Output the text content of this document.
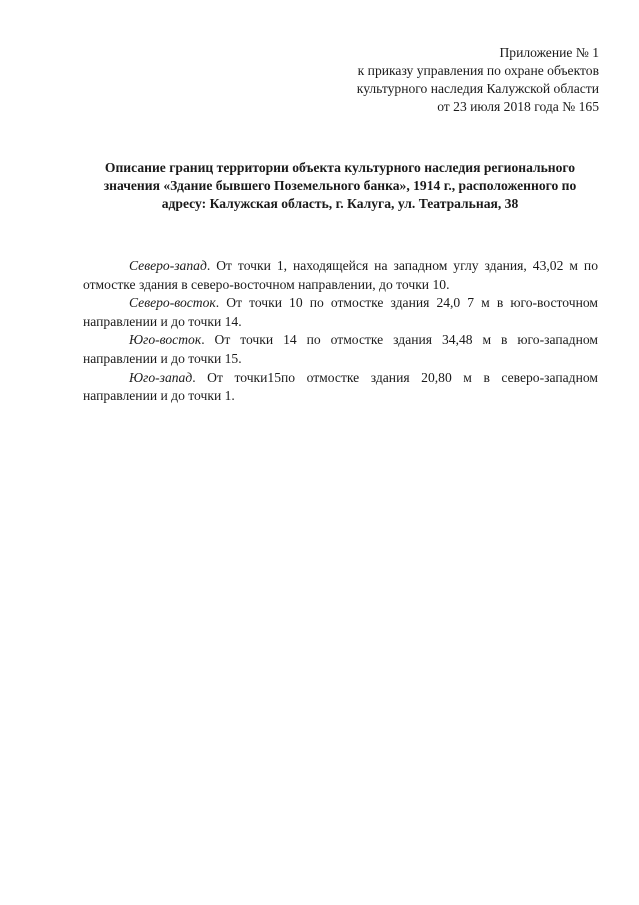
Приложение № 1
к приказу управления по охране объектов
культурного наследия Калужской области
от 23 июля 2018 года № 165
Описание границ территории объекта культурного наследия регионального
значения «Здание бывшего Поземельного банка», 1914 г., расположенного по
адресу: Калужская область, г. Калуга, ул. Театральная, 38

Северо-запад. От точки 1, находящейся на западном углу здания, 43,02 м по отмостке здания в северо-восточном направлении, до точки 10.

Северо-восток. От точки 10 по отмостке здания 24,0 7 м в юго-восточном направлении и до точки 14.

Юго-восток. От точки 14 по отмостке здания 34,48 м в юго-западном направлении и до точки 15.

Юго-запад. От точки15по отмостке здания 20,80 м в северо-западном направлении и до точки 1.
